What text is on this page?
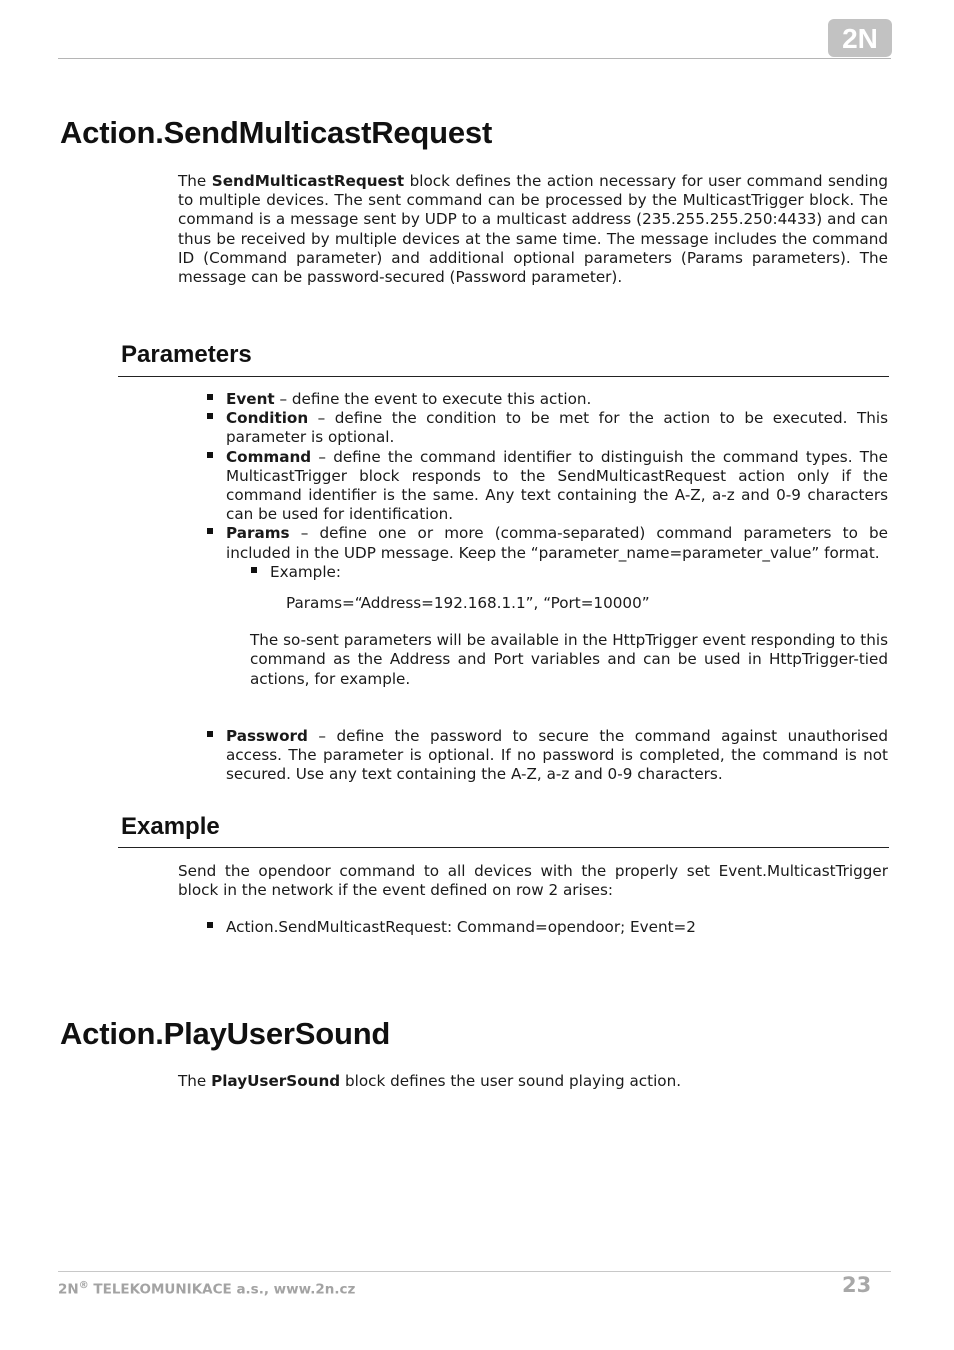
2N
Action.SendMulticastRequest

The SendMulticastRequest block defines the action necessary for user command sending to multiple devices. The sent command can be processed by the MulticastTrigger block. The command is a message sent by UDP to a multicast address (235.255.255.250:4433) and can thus be received by multiple devices at the same time. The message includes the command ID (Command parameter) and additional optional parameters (Params parameters). The message can be password-secured (Password parameter).

Parameters
Event – define the event to execute this action.
Condition – define the condition to be met for the action to be executed. This parameter is optional.
Command – define the command identifier to distinguish the command types. The MulticastTrigger block responds to the SendMulticastRequest action only if the command identifier is the same. Any text containing the A-Z, a-z and 0-9 characters can be used for identification.
Params – define one or more (comma-separated) command parameters to be included in the UDP message. Keep the “parameter_name=parameter_value” format.
Example:
Params=“Address=192.168.1.1”, “Port=10000”
The so-sent parameters will be available in the HttpTrigger event responding to this command as the Address and Port variables and can be used in HttpTrigger-tied actions, for example.
Password – define the password to secure the command against unauthorised access. The parameter is optional. If no password is completed, the command is not secured. Use any text containing the A-Z, a-z and 0-9 characters.
Example

Send the opendoor command to all devices with the properly set Event.MulticastTrigger block in the network if the event defined on row 2 arises:

Action.SendMulticastRequest: Command=opendoor; Event=2
Action.PlayUserSound

The PlayUserSound block defines the user sound playing action.

2N® TELEKOMUNIKACE a.s., www.2n.cz	23
